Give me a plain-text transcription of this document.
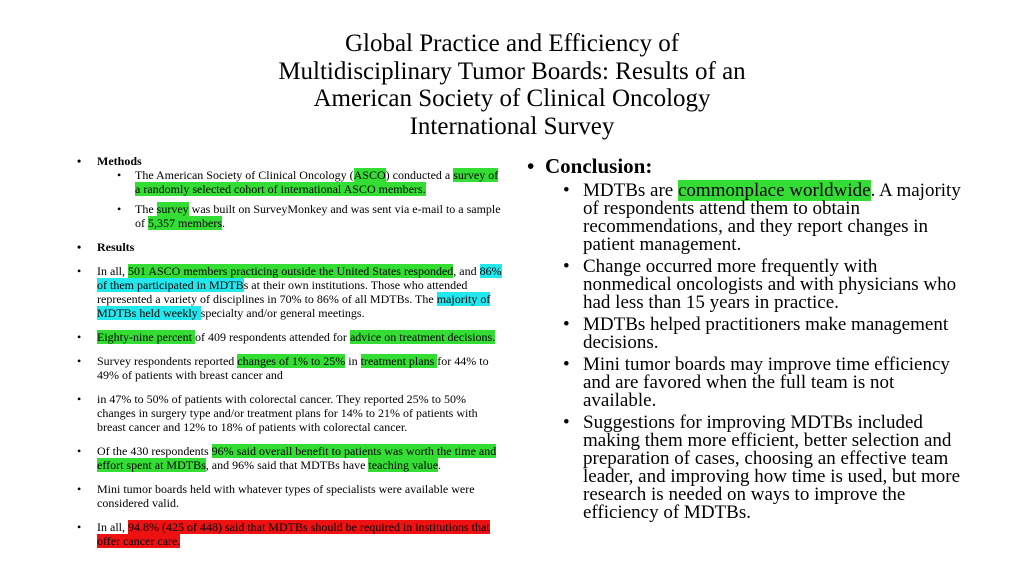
Global Practice and Efficiency of Multidisciplinary Tumor Boards: Results of an American Society of Clinical Oncology International Survey
• Methods
• The American Society of Clinical Oncology (ASCO) conducted a survey of a randomly selected cohort of international ASCO members.
• The survey was built on SurveyMonkey and was sent via e-mail to a sample of 5,357 members.
• Results
• In all, 501 ASCO members practicing outside the United States responded, and 86% of them participated in MDTBs at their own institutions. Those who attended represented a variety of disciplines in 70% to 86% of all MDTBs. The majority of MDTBs held weekly specialty and/or general meetings.
• Eighty-nine percent of 409 respondents attended for advice on treatment decisions.
• Survey respondents reported changes of 1% to 25% in treatment plans for 44% to 49% of patients with breast cancer and
• in 47% to 50% of patients with colorectal cancer. They reported 25% to 50% changes in surgery type and/or treatment plans for 14% to 21% of patients with breast cancer and 12% to 18% of patients with colorectal cancer.
• Of the 430 respondents 96% said overall benefit to patients was worth the time and effort spent at MDTBs, and 96% said that MDTBs have teaching value.
• Mini tumor boards held with whatever types of specialists were available were considered valid.
• In all, 94.8% (425 of 448) said that MDTBs should be required in institutions that offer cancer care.
• Conclusion:
• MDTBs are commonplace worldwide. A majority of respondents attend them to obtain recommendations, and they report changes in patient management.
• Change occurred more frequently with nonmedical oncologists and with physicians who had less than 15 years in practice.
• MDTBs helped practitioners make management decisions.
• Mini tumor boards may improve time efficiency and are favored when the full team is not available.
• Suggestions for improving MDTBs included making them more efficient, better selection and preparation of cases, choosing an effective team leader, and improving how time is used, but more research is needed on ways to improve the efficiency of MDTBs.
